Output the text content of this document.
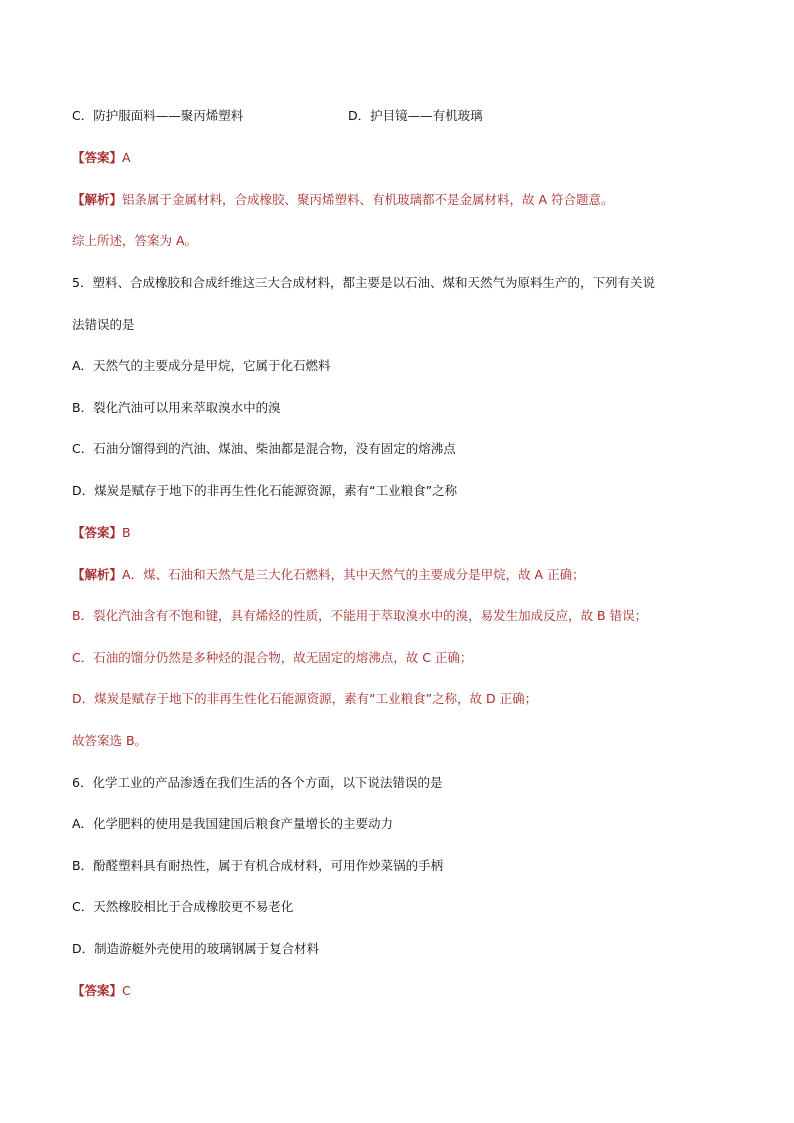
C．防护服面料——聚丙烯塑料	D．护目镜——有机玻璃
【答案】A
【解析】铝条属于金属材料，合成橡胶、聚丙烯塑料、有机玻璃都不是金属材料，故 A 符合题意。
综上所述，答案为 A。
5．塑料、合成橡胶和合成纤维这三大合成材料，都主要是以石油、煤和天然气为原料生产的，下列有关说
法错误的是
A．天然气的主要成分是甲烷，它属于化石燃料
B．裂化汽油可以用来萃取溴水中的溴
C．石油分馏得到的汽油、煤油、柴油都是混合物，没有固定的熔沸点
D．煤炭是赋存于地下的非再生性化石能源资源，素有“工业粮食”之称
【答案】B
【解析】A．煤、石油和天然气是三大化石燃料，其中天然气的主要成分是甲烷，故 A 正确；
B．裂化汽油含有不饱和键，具有烯烃的性质，不能用于萃取溴水中的溴，易发生加成反应，故 B 错误；
C．石油的馏分仍然是多种烃的混合物，故无固定的熔沸点，故 C 正确；
D．煤炭是赋存于地下的非再生性化石能源资源，素有“工业粮食”之称，故 D 正确；
故答案选 B。
6．化学工业的产品渗透在我们生活的各个方面，以下说法错误的是
A．化学肥料的使用是我国建国后粮食产量增长的主要动力
B．酚醛塑料具有耐热性，属于有机合成材料，可用作炒菜锅的手柄
C．天然橡胶相比于合成橡胶更不易老化
D．制造游艇外壳使用的玻璃钢属于复合材料
【答案】C
